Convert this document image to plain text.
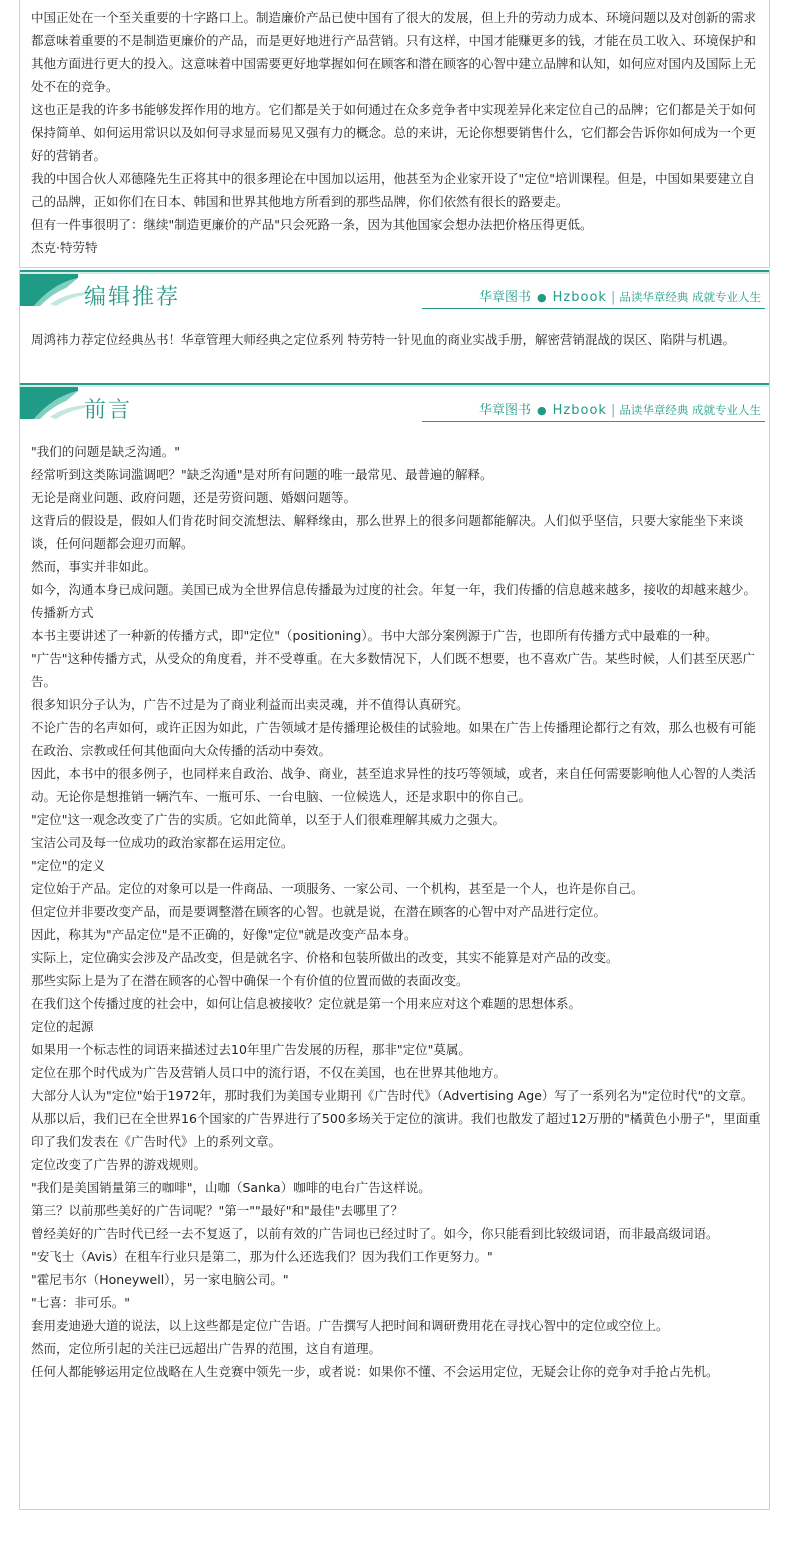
中国正处在一个至关重要的十字路口上。制造廉价产品已使中国有了很大的发展，但上升的劳动力成本、环境问题以及对创新的需求都意味着重要的不是制造更廉价的产品，而是更好地进行产品营销。只有这样，中国才能赚更多的钱，才能在员工收入、环境保护和其他方面进行更大的投入。这意味着中国需要更好地掌握如何在顾客和潜在顾客的心智中建立品牌和认知，如何应对国内及国际上无处不在的竞争。

这也正是我的许多书能够发挥作用的地方。它们都是关于如何通过在众多竞争者中实现差异化来定位自己的品牌；它们都是关于如何保持简单、如何运用常识以及如何寻求显而易见又强有力的概念。总的来讲，无论你想要销售什么，它们都会告诉你如何成为一个更好的营销者。

我的中国合伙人邓德隆先生正将其中的很多理论在中国加以运用，他甚至为企业家开设了"定位"培训课程。但是，中国如果要建立自己的品牌，正如你们在日本、韩国和世界其他地方所看到的那些品牌，你们依然有很长的路要走。

但有一件事很明了：继续"制造更廉价的产品"只会死路一条，因为其他国家会想办法把价格压得更低。

杰克·特劳特

编辑推荐	华章图书 ● Hzbook | 品读华章经典 成就专业人生

周鸿祎力荐定位经典丛书！华章管理大师经典之定位系列 特劳特一针见血的商业实战手册，解密营销混战的误区、陷阱与机遇。

前言	华章图书 ● Hzbook | 品读华章经典 成就专业人生

"我们的问题是缺乏沟通。"

经常听到这类陈词滥调吧？"缺乏沟通"是对所有问题的唯一最常见、最普遍的解释。

无论是商业问题、政府问题，还是劳资问题、婚姻问题等。

这背后的假设是，假如人们肯花时间交流想法、解释缘由，那么世界上的很多问题都能解决。人们似乎坚信，只要大家能坐下来谈谈，任何问题都会迎刃而解。

然而，事实并非如此。

如今，沟通本身已成问题。美国已成为全世界信息传播最为过度的社会。年复一年，我们传播的信息越来越多，接收的却越来越少。

传播新方式

本书主要讲述了一种新的传播方式，即"定位"（positioning）。书中大部分案例源于广告，也即所有传播方式中最难的一种。

"广告"这种传播方式，从受众的角度看，并不受尊重。在大多数情况下，人们既不想要，也不喜欢广告。某些时候，人们甚至厌恶广告。

很多知识分子认为，广告不过是为了商业利益而出卖灵魂，并不值得认真研究。

不论广告的名声如何，或许正因为如此，广告领域才是传播理论极佳的试验地。如果在广告上传播理论都行之有效，那么也极有可能在政治、宗教或任何其他面向大众传播的活动中奏效。

因此，本书中的很多例子，也同样来自政治、战争、商业，甚至追求异性的技巧等领域，或者，来自任何需要影响他人心智的人类活动。无论你是想推销一辆汽车、一瓶可乐、一台电脑、一位候选人，还是求职中的你自己。

"定位"这一观念改变了广告的实质。它如此简单，以至于人们很难理解其威力之强大。

宝洁公司及每一位成功的政治家都在运用定位。

"定位"的定义

定位始于产品。定位的对象可以是一件商品、一项服务、一家公司、一个机构，甚至是一个人，也许是你自己。

但定位并非要改变产品，而是要调整潜在顾客的心智。也就是说，在潜在顾客的心智中对产品进行定位。

因此，称其为"产品定位"是不正确的，好像"定位"就是改变产品本身。

实际上，定位确实会涉及产品改变，但是就名字、价格和包装所做出的改变，其实不能算是对产品的改变。

那些实际上是为了在潜在顾客的心智中确保一个有价值的位置而做的表面改变。

在我们这个传播过度的社会中，如何让信息被接收？定位就是第一个用来应对这个难题的思想体系。

定位的起源

如果用一个标志性的词语来描述过去10年里广告发展的历程，那非"定位"莫属。

定位在那个时代成为广告及营销人员口中的流行语，不仅在美国，也在世界其他地方。

大部分人认为"定位"始于1972年，那时我们为美国专业期刊《广告时代》（Advertising Age）写了一系列名为"定位时代"的文章。

从那以后，我们已在全世界16个国家的广告界进行了500多场关于定位的演讲。我们也散发了超过12万册的"橘黄色小册子"，里面重印了我们发表在《广告时代》上的系列文章。

定位改变了广告界的游戏规则。

"我们是美国销量第三的咖啡"，山咖（Sanka）咖啡的电台广告这样说。

第三？以前那些美好的广告词呢？"第一""最好"和"最佳"去哪里了？

曾经美好的广告时代已经一去不复返了，以前有效的广告词也已经过时了。如今，你只能看到比较级词语，而非最高级词语。

"安飞士（Avis）在租车行业只是第二，那为什么还选我们？因为我们工作更努力。"

"霍尼韦尔（Honeywell），另一家电脑公司。"

"七喜：非可乐。"

套用麦迪逊大道的说法，以上这些都是定位广告语。广告撰写人把时间和调研费用花在寻找心智中的定位或空位上。

然而，定位所引起的关注已远超出广告界的范围，这自有道理。

任何人都能够运用定位战略在人生竞赛中领先一步，或者说：如果你不懂、不会运用定位，无疑会让你的竞争对手抢占先机。
